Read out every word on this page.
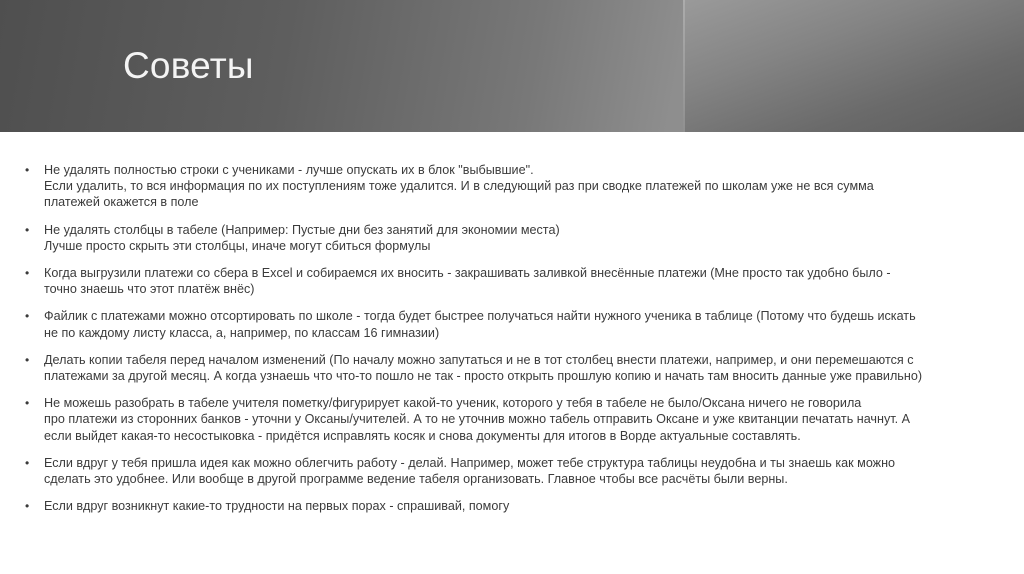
Советы
• Не удалять полностью строки с учениками - лучше опускать их в блок "выбывшие".
Если удалить, то вся информация по их поступлениям тоже удалится. И в следующий раз при сводке платежей по школам уже не вся сумма
платежей окажется в поле
• Не удалять столбцы в табеле (Например: Пустые дни без занятий для экономии места)
Лучше просто скрыть эти столбцы, иначе могут сбиться формулы
• Когда выгрузили платежи со сбера в Excel и собираемся их вносить - закрашивать заливкой внесённые платежи (Мне просто так удобно было -
точно знаешь что этот платёж внёс)
• Файлик с платежами можно отсортировать по школе - тогда будет быстрее получаться найти нужного ученика в таблице (Потому что будешь искать
не по каждому листу класса, а, например, по классам 16 гимназии)
• Делать копии табеля перед началом изменений (По началу можно запутаться и не в тот столбец внести платежи, например, и они перемешаются с
платежами за другой месяц. А когда узнаешь что что-то пошло не так - просто открыть прошлую копию и начать там вносить данные уже правильно)
• Не можешь разобрать в табеле учителя пометку/фигурирует какой-то ученик, которого у тебя в табеле не было/Оксана ничего не говорила
про платежи из сторонних банков - уточни у Оксаны/учителей. А то не уточнив можно табель отправить Оксане и уже квитанции печатать начнут. А
если выйдет какая-то несостыковка - придётся исправлять косяк и снова документы для итогов в Ворде актуальные составлять.
• Если вдруг у тебя пришла идея как можно облегчить работу - делай. Например, может тебе структура таблицы неудобна и ты знаешь как можно
сделать это удобнее. Или вообще в другой программе ведение табеля организовать. Главное чтобы все расчёты были верны.
• Если вдруг возникнут какие-то трудности на первых порах - спрашивай, помогу
